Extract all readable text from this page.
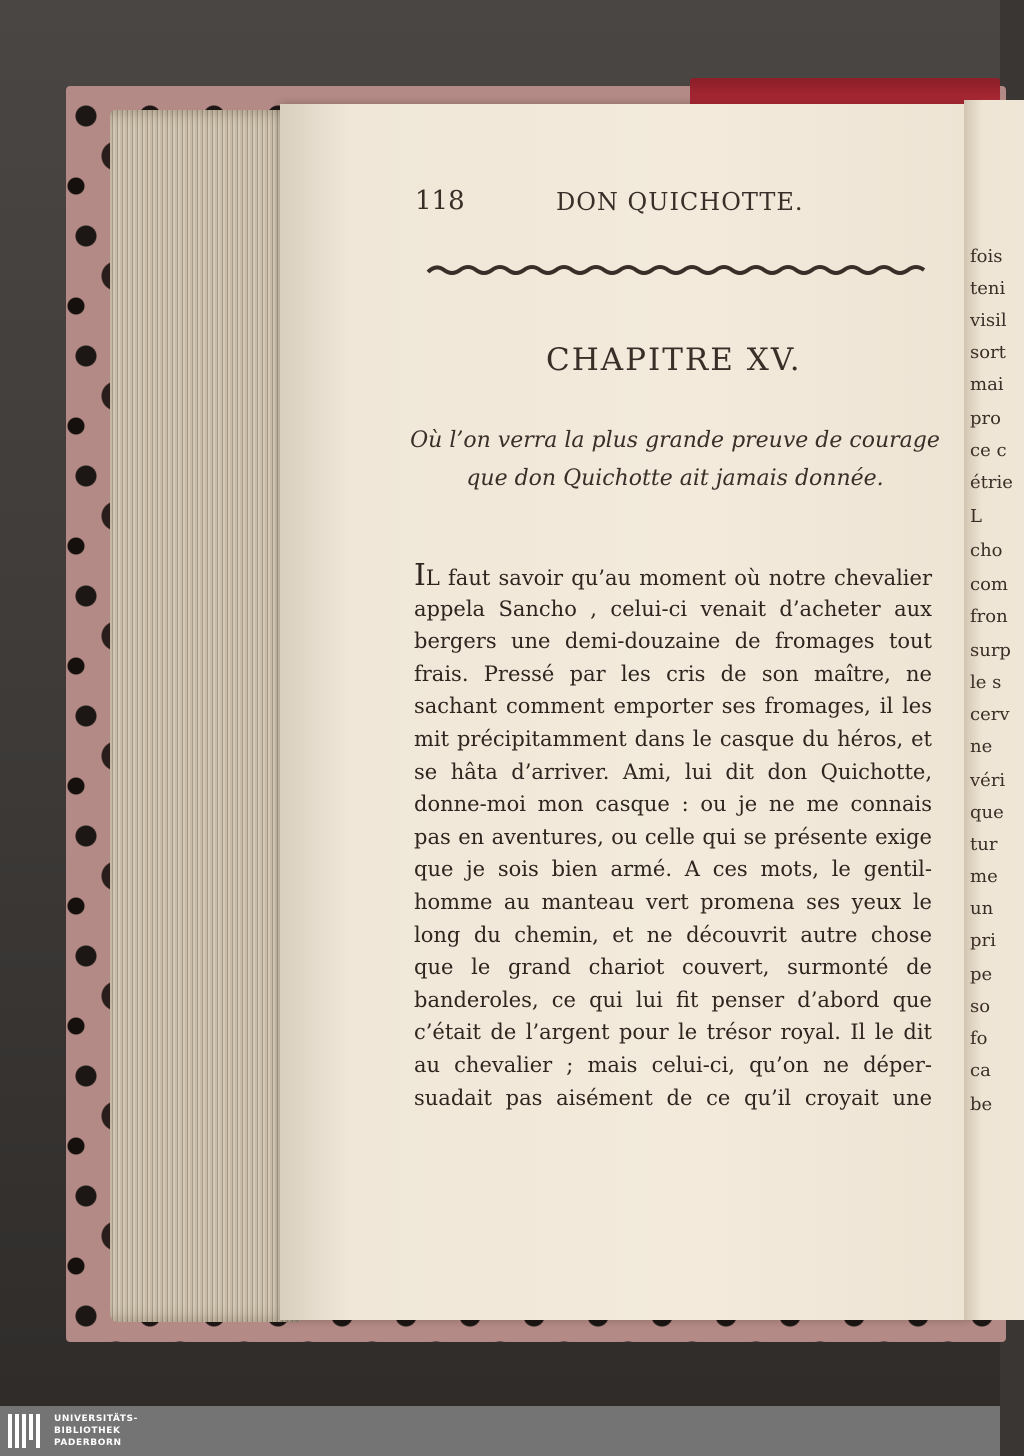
fois
teni
visil
sort
mai
pro
ce c
étrie
L
cho
com
fron
surp
le s
cerv
ne
véri
que
tur
me
un
pri
pe
so
fo
ca
be
118	DON QUICHOTTE.
CHAPITRE XV.
Où l’on verra la plus grande preuve de courage
que don Quichotte ait jamais donnée.
IL faut savoir qu’au moment où notre chevalier
appela Sancho , celui-ci venait d’acheter aux
bergers une demi-douzaine de fromages tout
frais. Pressé par les cris de son maître, ne
sachant comment emporter ses fromages, il les
mit précipitamment dans le casque du héros, et
se hâta d’arriver. Ami, lui dit don Quichotte,
donne-moi mon casque : ou je ne me connais
pas en aventures, ou celle qui se présente exige
que je sois bien armé. A ces mots, le gentil-
homme au manteau vert promena ses yeux le
long du chemin, et ne découvrit autre chose
que le grand chariot couvert, surmonté de
banderoles, ce qui lui fit penser d’abord que
c’était de l’argent pour le trésor royal. Il le dit
au chevalier ; mais celui-ci, qu’on ne déper-
suadait pas aisément de ce qu’il croyait une
UNIVERSITÄTS-
BIBLIOTHEK
PADERBORN
